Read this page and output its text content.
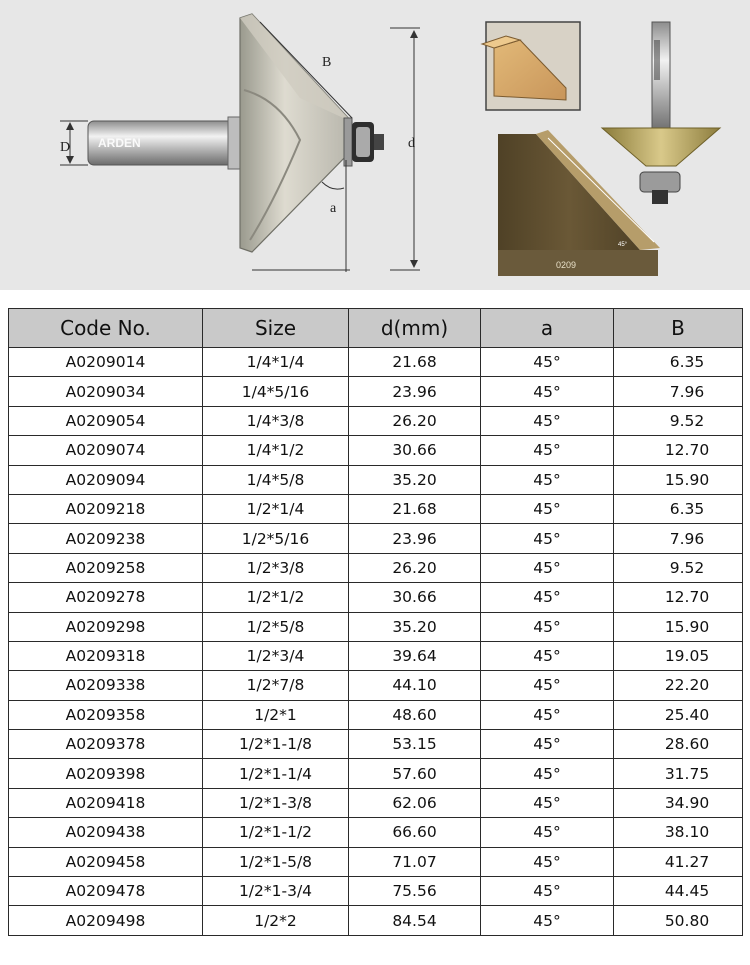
ARDEN
D
B
d
a
0209
45°
Code No.	Size	d(mm)	a	B
A0209014	1/4*1/4	21.68	45°	6.35
A0209034	1/4*5/16	23.96	45°	7.96
A0209054	1/4*3/8	26.20	45°	9.52
A0209074	1/4*1/2	30.66	45°	12.70
A0209094	1/4*5/8	35.20	45°	15.90
A0209218	1/2*1/4	21.68	45°	6.35
A0209238	1/2*5/16	23.96	45°	7.96
A0209258	1/2*3/8	26.20	45°	9.52
A0209278	1/2*1/2	30.66	45°	12.70
A0209298	1/2*5/8	35.20	45°	15.90
A0209318	1/2*3/4	39.64	45°	19.05
A0209338	1/2*7/8	44.10	45°	22.20
A0209358	1/2*1	48.60	45°	25.40
A0209378	1/2*1-1/8	53.15	45°	28.60
A0209398	1/2*1-1/4	57.60	45°	31.75
A0209418	1/2*1-3/8	62.06	45°	34.90
A0209438	1/2*1-1/2	66.60	45°	38.10
A0209458	1/2*1-5/8	71.07	45°	41.27
A0209478	1/2*1-3/4	75.56	45°	44.45
A0209498	1/2*2	84.54	45°	50.80
